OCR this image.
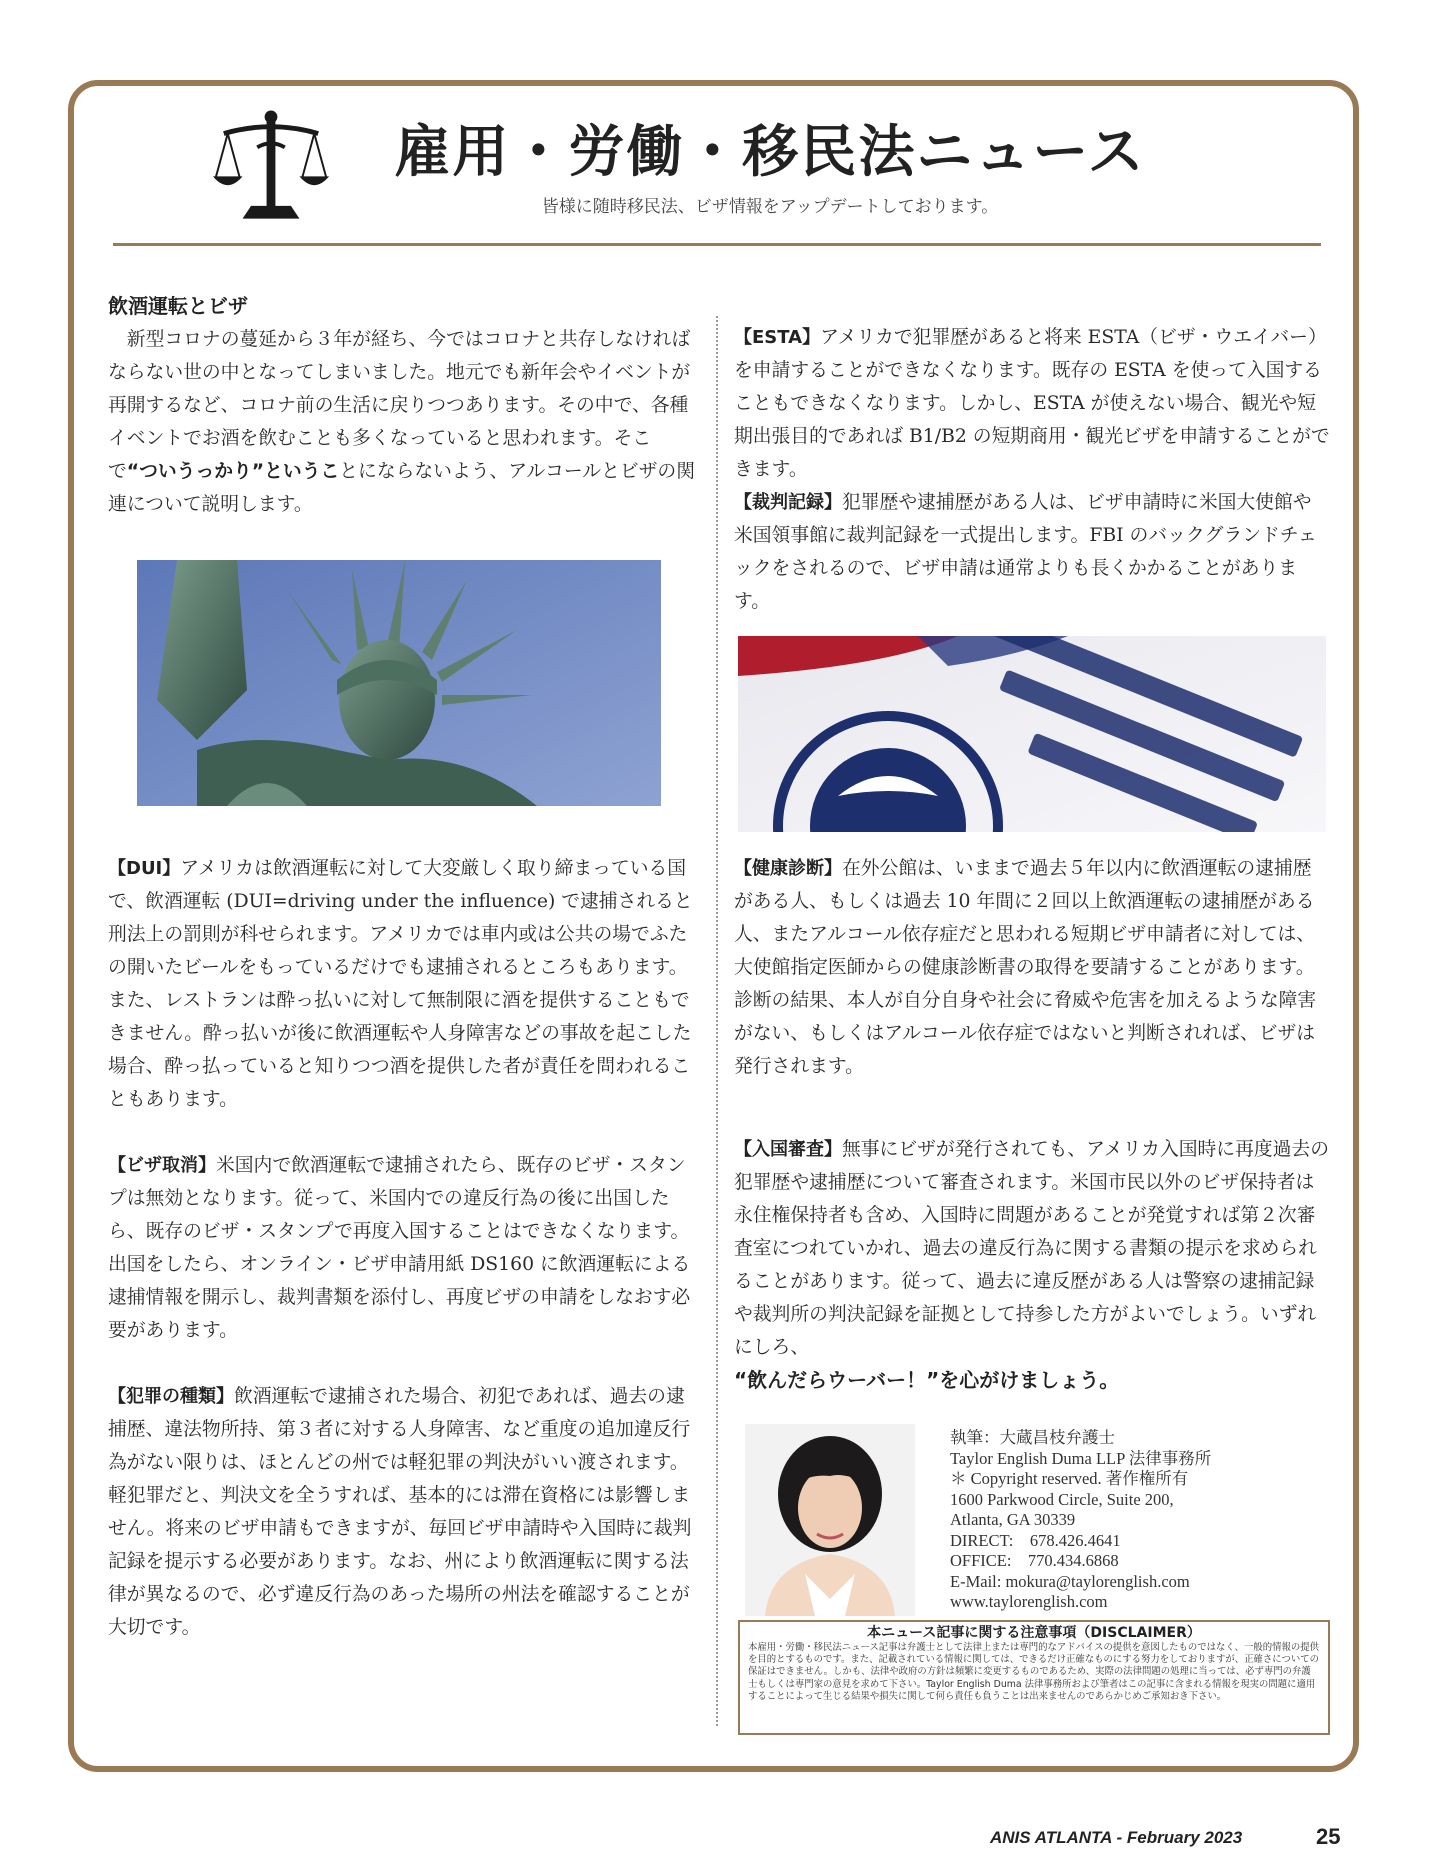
雇用・労働・移民法ニュース
皆様に随時移民法、ビザ情報をアップデートしております。

飲酒運転とビザ

新型コロナの蔓延から３年が経ち、今ではコロナと共存しなければならない世の中となってしまいました。地元でも新年会やイベントが再開するなど、コロナ前の生活に戻りつつあります。その中で、各種イベントでお酒を飲むことも多くなっていると思われます。そこで“ついうっかり”ということにならないよう、アルコールとビザの関連について説明します。

【DUI】アメリカは飲酒運転に対して大変厳しく取り締まっている国で、飲酒運転 (DUI=driving under the influence) で逮捕されると刑法上の罰則が科せられます。アメリカでは車内或は公共の場でふたの開いたビールをもっているだけでも逮捕されるところもあります。また、レストランは酔っ払いに対して無制限に酒を提供することもできません。酔っ払いが後に飲酒運転や人身障害などの事故を起こした場合、酔っ払っていると知りつつ酒を提供した者が責任を問われることもあります。

【ビザ取消】米国内で飲酒運転で逮捕されたら、既存のビザ・スタンプは無効となります。従って、米国内での違反行為の後に出国したら、既存のビザ・スタンプで再度入国することはできなくなります。出国をしたら、オンライン・ビザ申請用紙 DS160 に飲酒運転による逮捕情報を開示し、裁判書類を添付し、再度ビザの申請をしなおす必要があります。

【犯罪の種類】飲酒運転で逮捕された場合、初犯であれば、過去の逮捕歴、違法物所持、第３者に対する人身障害、など重度の追加違反行為がない限りは、ほとんどの州では軽犯罪の判決がいい渡されます。軽犯罪だと、判決文を全うすれば、基本的には滞在資格には影響しません。将来のビザ申請もできますが、毎回ビザ申請時や入国時に裁判記録を提示する必要があります。なお、州により飲酒運転に関する法律が異なるので、必ず違反行為のあった場所の州法を確認することが大切です。

【ESTA】アメリカで犯罪歴があると将来 ESTA（ビザ・ウエイバー）を申請することができなくなります。既存の ESTA を使って入国することもできなくなります。しかし、ESTA が使えない場合、観光や短期出張目的であれば B1/B2 の短期商用・観光ビザを申請することができます。

【裁判記録】犯罪歴や逮捕歴がある人は、ビザ申請時に米国大使館や米国領事館に裁判記録を一式提出します。FBI のバックグランドチェックをされるので、ビザ申請は通常よりも長くかかることがあります。

【健康診断】在外公館は、いままで過去５年以内に飲酒運転の逮捕歴がある人、もしくは過去 10 年間に２回以上飲酒運転の逮捕歴がある人、またアルコール依存症だと思われる短期ビザ申請者に対しては、大使館指定医師からの健康診断書の取得を要請することがあります。診断の結果、本人が自分自身や社会に脅威や危害を加えるような障害がない、もしくはアルコール依存症ではないと判断されれば、ビザは発行されます。

【入国審査】無事にビザが発行されても、アメリカ入国時に再度過去の犯罪歴や逮捕歴について審査されます。米国市民以外のビザ保持者は永住権保持者も含め、入国時に問題があることが発覚すれば第２次審査室につれていかれ、過去の違反行為に関する書類の提示を求められることがあります。従って、過去に違反歴がある人は警察の逮捕記録や裁判所の判決記録を証拠として持参した方がよいでしょう。いずれにしろ、
“飲んだらウーバー！”を心がけましょう。

執筆：大蔵昌枝弁護士
Taylor English Duma LLP 法律事務所
＊ Copyright reserved. 著作権所有
1600 Parkwood Circle, Suite 200,
Atlanta, GA 30339
DIRECT:    678.426.4641
OFFICE:    770.434.6868
E-Mail: mokura@taylorenglish.com
www.taylorenglish.com
本ニュース記事に関する注意事項（DISCLAIMER）
本雇用・労働・移民法ニュース記事は弁護士として法律上または専門的なアドバイスの提供を意図したものではなく、一般的情報の提供を目的とするものです。また、記載されている情報に関しては、できるだけ正確なものにする努力をしておりますが、正確さについての保証はできません。しかも、法律や政府の方針は頻繁に変更するものであるため、実際の法律問題の処理に当っては、必ず専門の弁護士もしくは専門家の意見を求めて下さい。Taylor English Duma 法律事務所および筆者はこの記事に含まれる情報を現実の問題に適用することによって生じる結果や損失に関して何ら責任も負うことは出来ませんのであらかじめご承知おき下さい。
ANIS ATLANTA - February 2023	25
